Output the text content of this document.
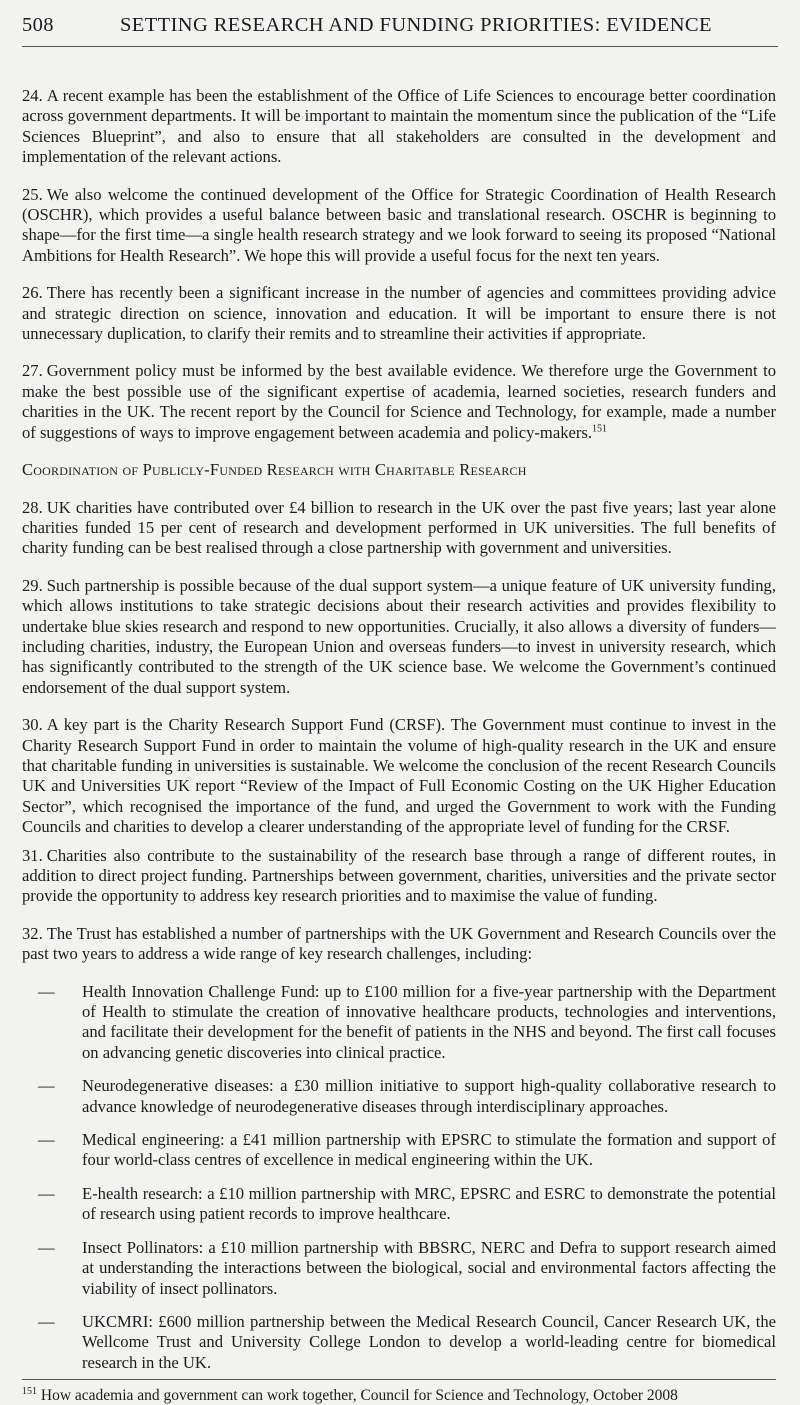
508	SETTING RESEARCH AND FUNDING PRIORITIES: EVIDENCE

24. A recent example has been the establishment of the Office of Life Sciences to encourage better coordination across government departments. It will be important to maintain the momentum since the publication of the “Life Sciences Blueprint”, and also to ensure that all stakeholders are consulted in the development and implementation of the relevant actions.

25. We also welcome the continued development of the Office for Strategic Coordination of Health Research (OSCHR), which provides a useful balance between basic and translational research. OSCHR is beginning to shape—for the first time—a single health research strategy and we look forward to seeing its proposed “National Ambitions for Health Research”. We hope this will provide a useful focus for the next ten years.

26. There has recently been a significant increase in the number of agencies and committees providing advice and strategic direction on science, innovation and education. It will be important to ensure there is not unnecessary duplication, to clarify their remits and to streamline their activities if appropriate.

27. Government policy must be informed by the best available evidence. We therefore urge the Government to make the best possible use of the significant expertise of academia, learned societies, research funders and charities in the UK. The recent report by the Council for Science and Technology, for example, made a number of suggestions of ways to improve engagement between academia and policy-makers.$^{151}$

Coordination of Publicly-Funded Research with Charitable Research

28. UK charities have contributed over £4 billion to research in the UK over the past five years; last year alone charities funded 15 per cent of research and development performed in UK universities. The full benefits of charity funding can be best realised through a close partnership with government and universities.

29. Such partnership is possible because of the dual support system—a unique feature of UK university funding, which allows institutions to take strategic decisions about their research activities and provides flexibility to undertake blue skies research and respond to new opportunities. Crucially, it also allows a diversity of funders—including charities, industry, the European Union and overseas funders—to invest in university research, which has significantly contributed to the strength of the UK science base. We welcome the Government’s continued endorsement of the dual support system.

30. A key part is the Charity Research Support Fund (CRSF). The Government must continue to invest in the Charity Research Support Fund in order to maintain the volume of high-quality research in the UK and ensure that charitable funding in universities is sustainable. We welcome the conclusion of the recent Research Councils UK and Universities UK report “Review of the Impact of Full Economic Costing on the UK Higher Education Sector”, which recognised the importance of the fund, and urged the Government to work with the Funding Councils and charities to develop a clearer understanding of the appropriate level of funding for the CRSF.

31. Charities also contribute to the sustainability of the research base through a range of different routes, in addition to direct project funding. Partnerships between government, charities, universities and the private sector provide the opportunity to address key research priorities and to maximise the value of funding.

32. The Trust has established a number of partnerships with the UK Government and Research Councils over the past two years to address a wide range of key research challenges, including:

— Health Innovation Challenge Fund: up to £100 million for a five-year partnership with the Department of Health to stimulate the creation of innovative healthcare products, technologies and interventions, and facilitate their development for the benefit of patients in the NHS and beyond. The first call focuses on advancing genetic discoveries into clinical practice.
— Neurodegenerative diseases: a £30 million initiative to support high-quality collaborative research to advance knowledge of neurodegenerative diseases through interdisciplinary approaches.
— Medical engineering: a £41 million partnership with EPSRC to stimulate the formation and support of four world-class centres of excellence in medical engineering within the UK.
— E-health research: a £10 million partnership with MRC, EPSRC and ESRC to demonstrate the potential of research using patient records to improve healthcare.
— Insect Pollinators: a £10 million partnership with BBSRC, NERC and Defra to support research aimed at understanding the interactions between the biological, social and environmental factors affecting the viability of insect pollinators.
— UKCMRI: £600 million partnership between the Medical Research Council, Cancer Research UK, the Wellcome Trust and University College London to develop a world-leading centre for biomedical research in the UK.
$^{151}$ How academia and government can work together, Council for Science and Technology, October 2008
